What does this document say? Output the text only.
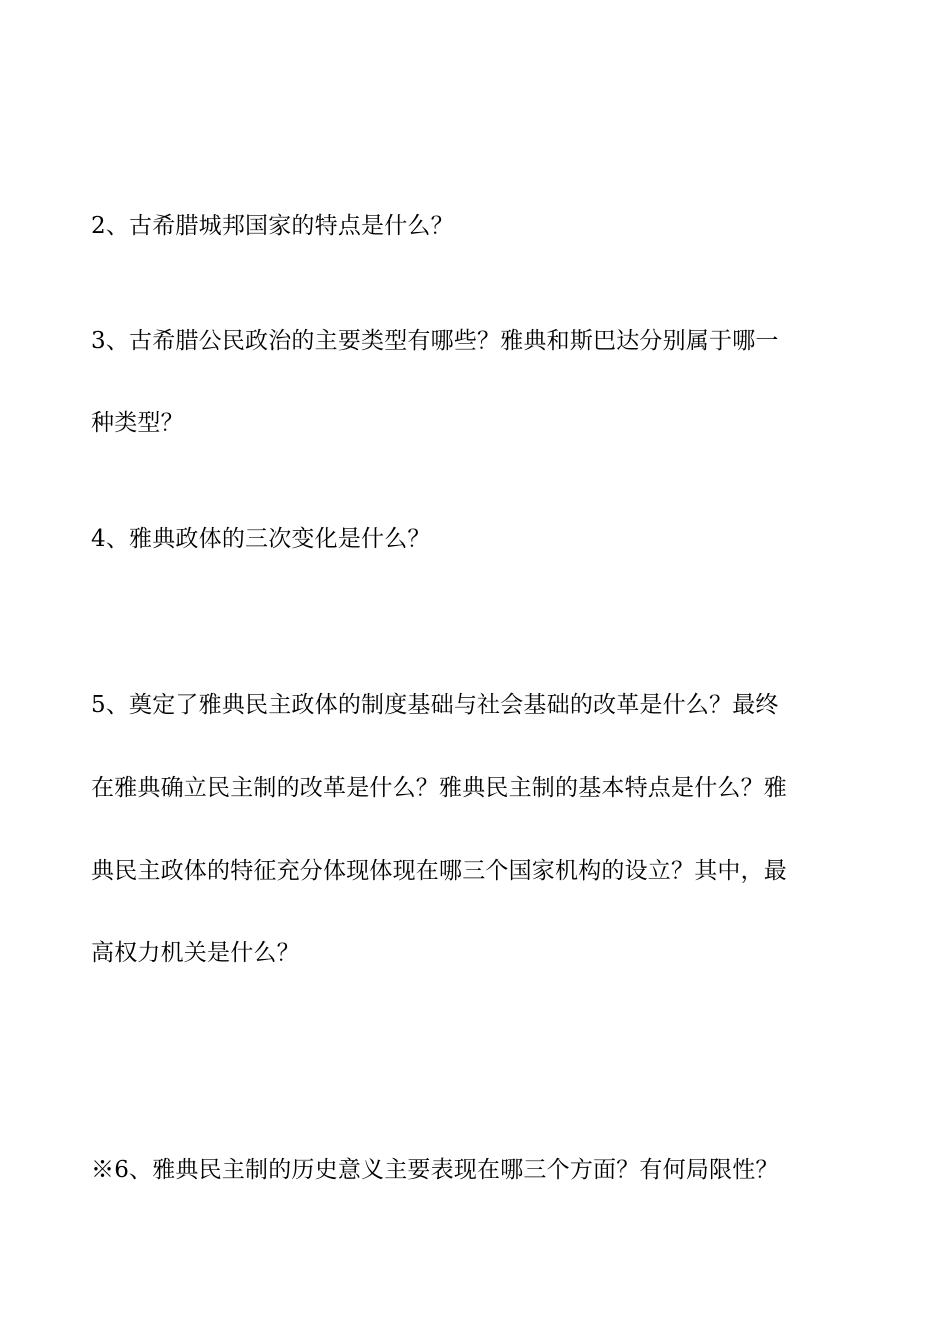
2、古希腊城邦国家的特点是什么？
3、古希腊公民政治的主要类型有哪些？雅典和斯巴达分别属于哪一
种类型？
4、雅典政体的三次变化是什么？
5、奠定了雅典民主政体的制度基础与社会基础的改革是什么？最终
在雅典确立民主制的改革是什么？雅典民主制的基本特点是什么？雅
典民主政体的特征充分体现体现在哪三个国家机构的设立？其中，最
高权力机关是什么？
※6、雅典民主制的历史意义主要表现在哪三个方面？有何局限性？
